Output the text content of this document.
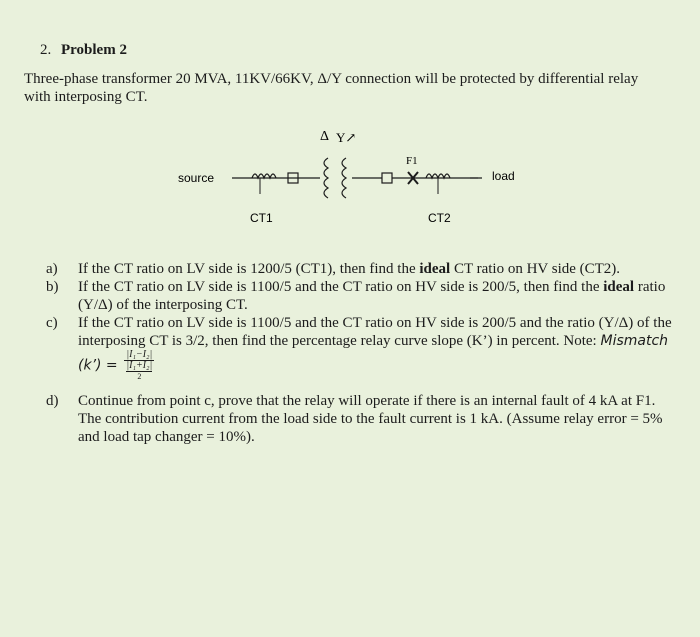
2. Problem 2
Three-phase transformer 20 MVA, 11KV/66KV, Δ/Y connection will be protected by differential relay with interposing CT.
source
Δ Y↗
F1
load
CT1	CT2
a) If the CT ratio on LV side is 1200/5 (CT1), then find the ideal CT ratio on HV side (CT2).
b) If the CT ratio on LV side is 1100/5 and the CT ratio on HV side is 200/5, then find the ideal ratio (Y/Δ) of the interposing CT.
c) If the CT ratio on LV side is 1100/5 and the CT ratio on HV side is 200/5 and the ratio (Y/Δ) of the interposing CT is 3/2, then find the percentage relay curve slope (K’) in percent. Note: Mismatch (k’) = |I₁−I₂|
|I₁+I₂|
2
d) Continue from point c, prove that the relay will operate if there is an internal fault of 4 kA at F1. The contribution current from the load side to the fault current is 1 kA. (Assume relay error = 5% and load tap changer = 10%).
